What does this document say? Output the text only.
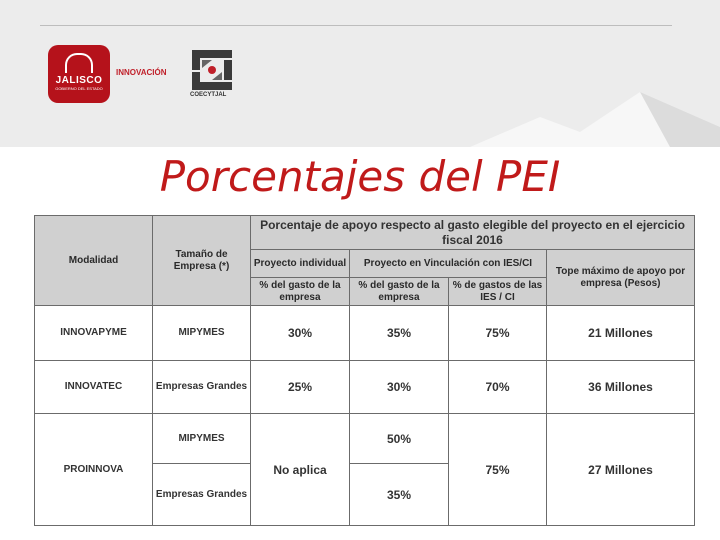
JALISCO
GOBIERNO DEL ESTADO
INNOVACIÓN
COECYTJAL
Porcentajes del PEI
Modalidad	Tamaño de Empresa (*)	Porcentaje de apoyo respecto al gasto elegible del proyecto en el ejercicio fiscal 2016			
		Proyecto individual	Proyecto en Vinculación con IES/CI		Tope máximo de apoyo por empresa (Pesos)
		% del gasto de la empresa	% del gasto de la empresa	% de gastos de las IES / CI	
INNOVAPYME	MIPYMES	30%	35%	75%	21 Millones
INNOVATEC	Empresas Grandes	25%	30%	70%	36 Millones
PROINNOVA	MIPYMES	No aplica	50%	75%	27 Millones
	Empresas Grandes		35%		
